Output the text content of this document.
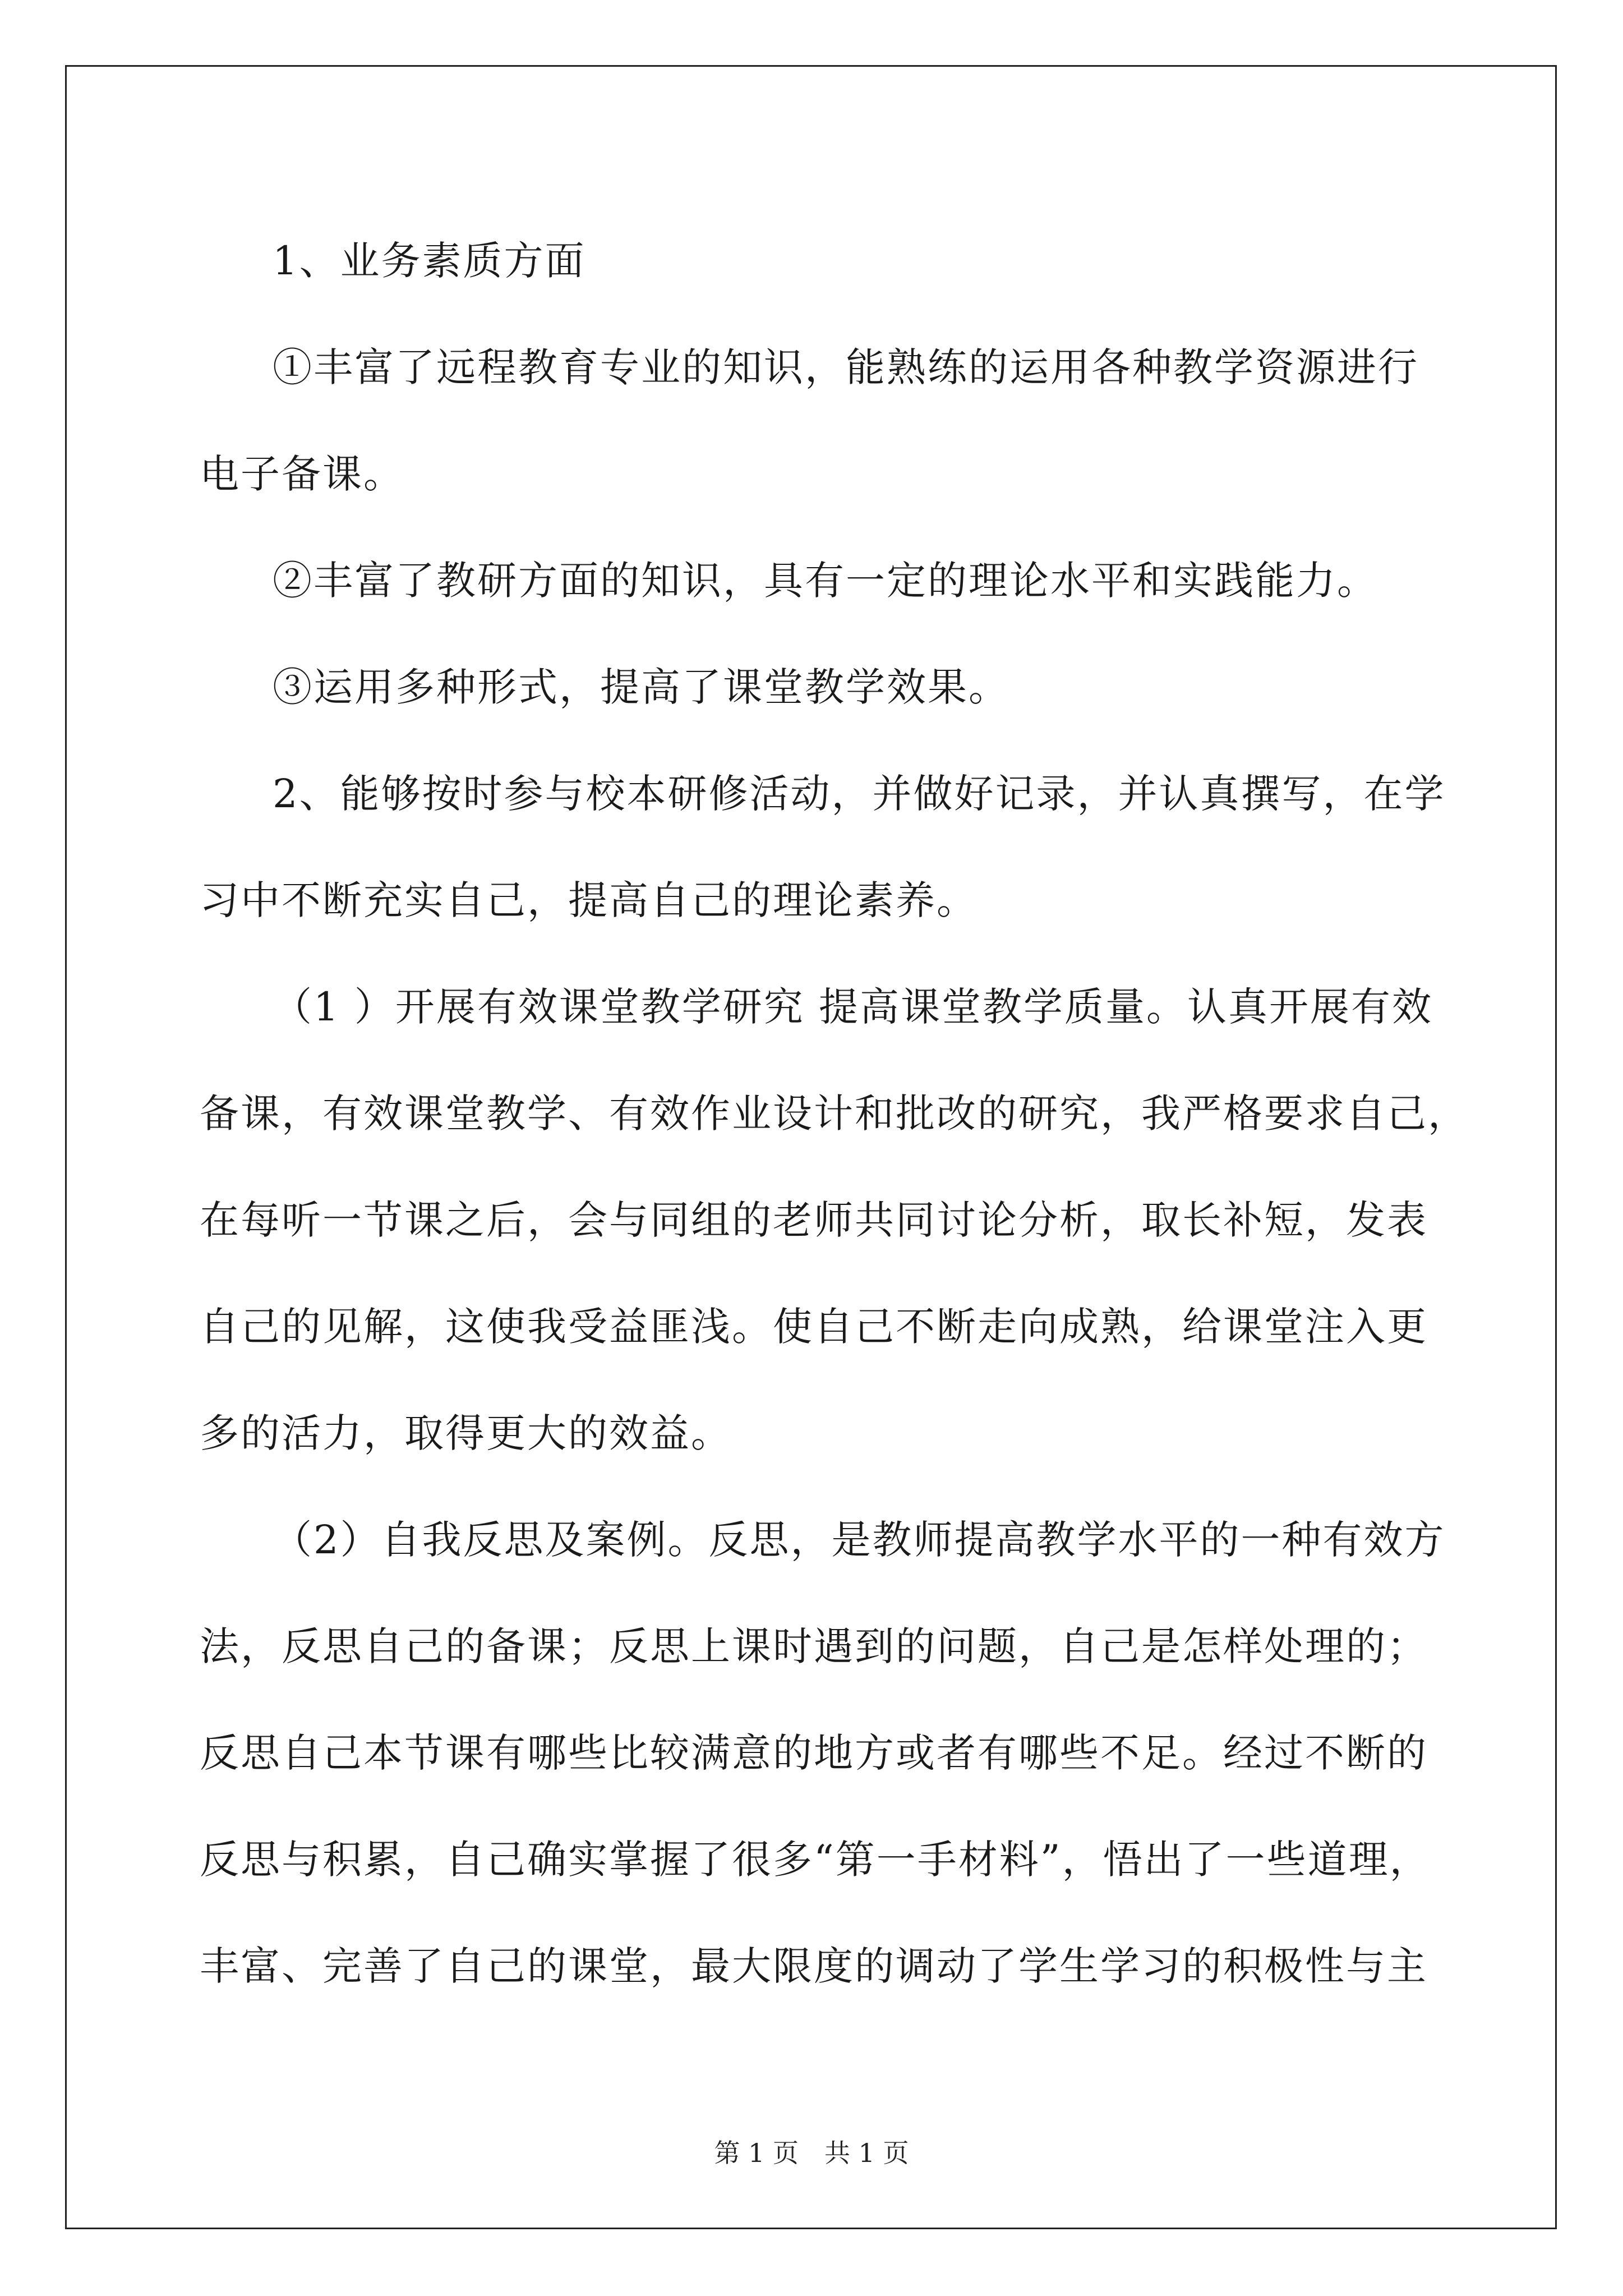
1、业务素质方面

①丰富了远程教育专业的知识，能熟练的运用各种教学资源进行
电子备课。

②丰富了教研方面的知识，具有一定的理论水平和实践能力。

③运用多种形式，提高了课堂教学效果。

2、能够按时参与校本研修活动，并做好记录，并认真撰写，在学
习中不断充实自己，提高自己的理论素养。

（1 ）开展有效课堂教学研究 提高课堂教学质量。认真开展有效
备课，有效课堂教学、有效作业设计和批改的研究，我严格要求自己，
在每听一节课之后，会与同组的老师共同讨论分析，取长补短，发表
自己的见解，这使我受益匪浅。使自己不断走向成熟，给课堂注入更
多的活力，取得更大的效益。

（2）自我反思及案例。反思，是教师提高教学水平的一种有效方
法，反思自己的备课；反思上课时遇到的问题，自己是怎样处理的；
反思自己本节课有哪些比较满意的地方或者有哪些不足。经过不断的
反思与积累，自己确实掌握了很多“第一手材料”，悟出了一些道理，
丰富、完善了自己的课堂，最大限度的调动了学生学习的积极性与主

第 1 页 共 1 页
